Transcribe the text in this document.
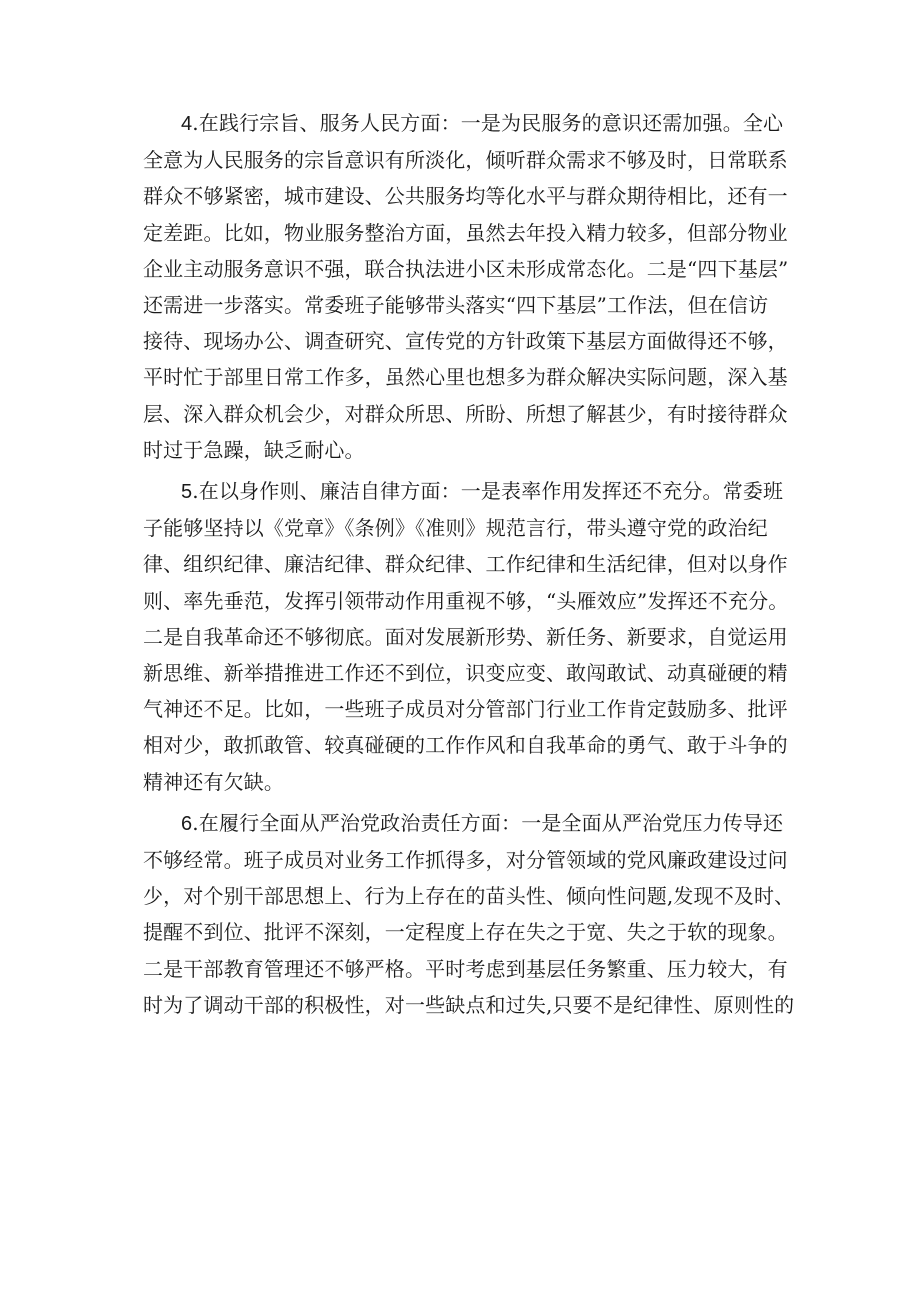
4.在践行宗旨、服务人民方面：一是为民服务的意识还需加强。全心
全意为人民服务的宗旨意识有所淡化，倾听群众需求不够及时，日常联系
群众不够紧密，城市建设、公共服务均等化水平与群众期待相比，还有一
定差距。比如，物业服务整治方面，虽然去年投入精力较多，但部分物业
企业主动服务意识不强，联合执法进小区未形成常态化。二是“四下基层”
还需进一步落实。常委班子能够带头落实“四下基层”工作法，但在信访
接待、现场办公、调查研究、宣传党的方针政策下基层方面做得还不够，
平时忙于部里日常工作多，虽然心里也想多为群众解决实际问题，深入基
层、深入群众机会少，对群众所思、所盼、所想了解甚少，有时接待群众
时过于急躁，缺乏耐心。

5.在以身作则、廉洁自律方面：一是表率作用发挥还不充分。常委班
子能够坚持以《党章》《条例》《准则》规范言行，带头遵守党的政治纪
律、组织纪律、廉洁纪律、群众纪律、工作纪律和生活纪律，但对以身作
则、率先垂范，发挥引领带动作用重视不够，“头雁效应”发挥还不充分。
二是自我革命还不够彻底。面对发展新形势、新任务、新要求，自觉运用
新思维、新举措推进工作还不到位，识变应变、敢闯敢试、动真碰硬的精
气神还不足。比如，一些班子成员对分管部门行业工作肯定鼓励多、批评
相对少，敢抓敢管、较真碰硬的工作作风和自我革命的勇气、敢于斗争的
精神还有欠缺。

6.在履行全面从严治党政治责任方面：一是全面从严治党压力传导还
不够经常。班子成员对业务工作抓得多，对分管领域的党风廉政建设过问
少，对个别干部思想上、行为上存在的苗头性、倾向性问题,发现不及时、
提醒不到位、批评不深刻，一定程度上存在失之于宽、失之于软的现象。
二是干部教育管理还不够严格。平时考虑到基层任务繁重、压力较大，有
时为了调动干部的积极性，对一些缺点和过失,只要不是纪律性、原则性的
